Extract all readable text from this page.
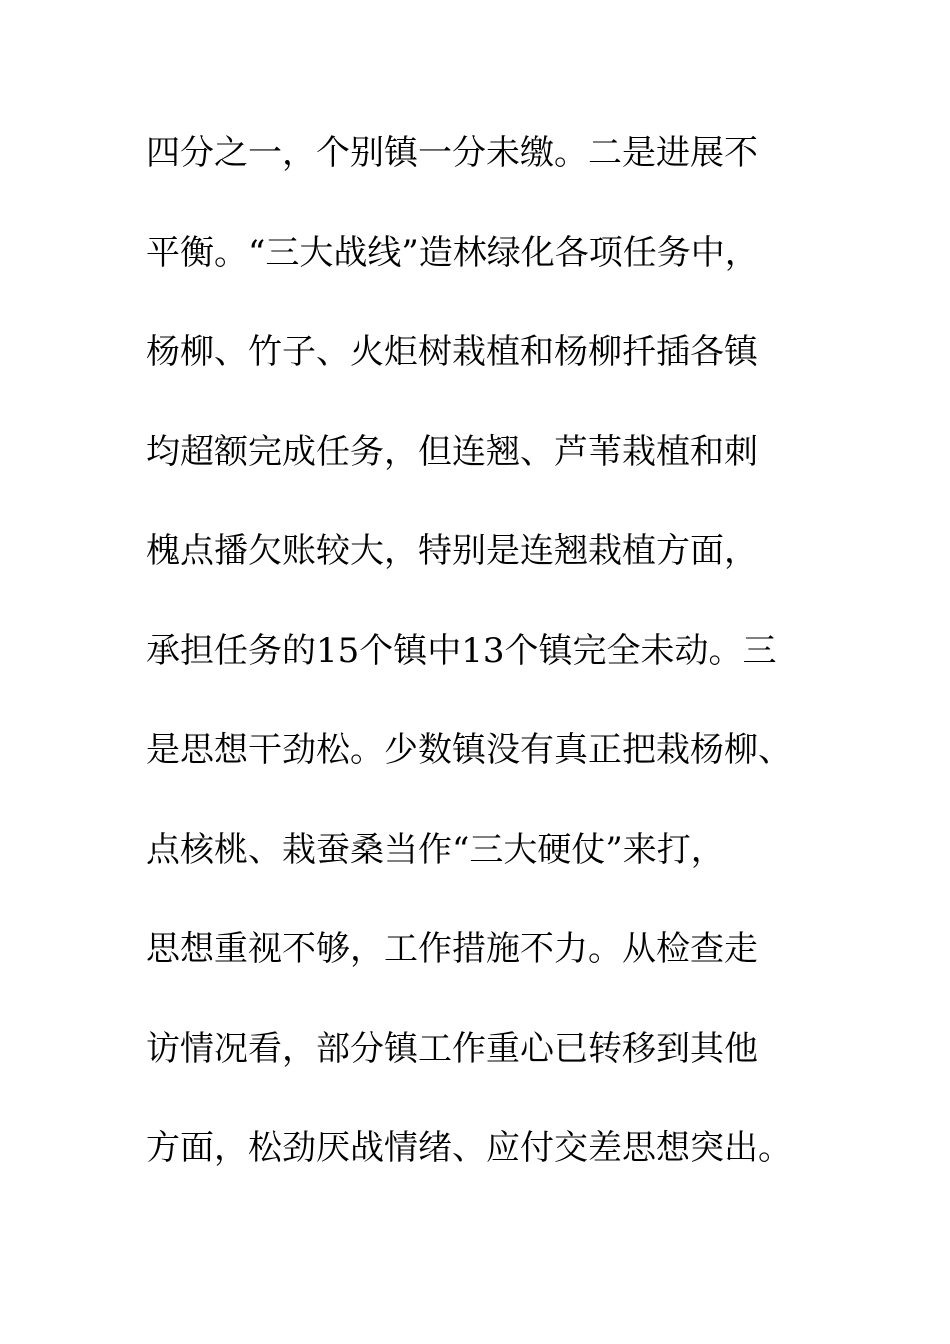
四分之一，个别镇一分未缴。二是进展不
平衡。“三大战线”造林绿化各项任务中，
杨柳、竹子、火炬树栽植和杨柳扦插各镇
均超额完成任务，但连翘、芦苇栽植和刺
槐点播欠账较大，特别是连翘栽植方面，
承担任务的15个镇中13个镇完全未动。三
是思想干劲松。少数镇没有真正把栽杨柳、
点核桃、栽蚕桑当作“三大硬仗”来打，
思想重视不够，工作措施不力。从检查走
访情况看，部分镇工作重心已转移到其他
方面，松劲厌战情绪、应付交差思想突出。
